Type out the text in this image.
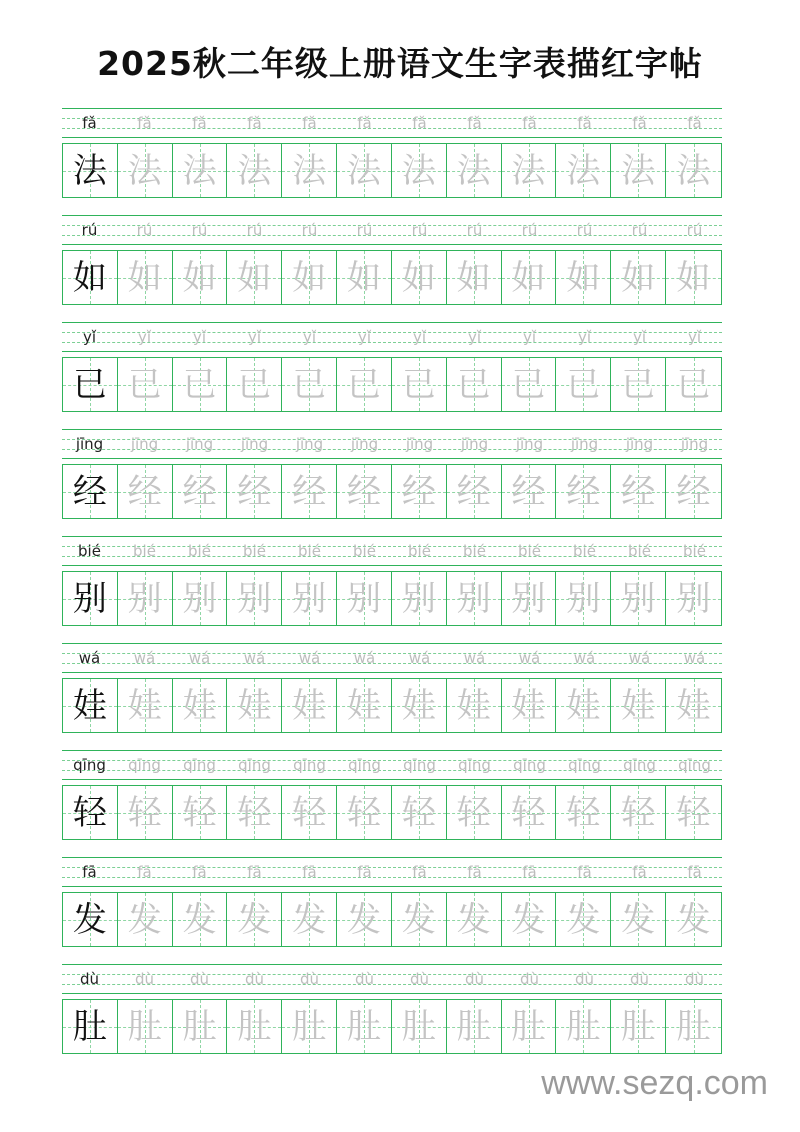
2025秋二年级上册语文生字表描红字帖
fǎ	fǎ	fǎ	fǎ	fǎ	fǎ	fǎ	fǎ	fǎ	fǎ	fǎ	fǎ
法 法 法 法 法 法 法 法 法 法 法 法
rú	rú	rú	rú	rú	rú	rú	rú	rú	rú	rú	rú
如 如 如 如 如 如 如 如 如 如 如 如
yǐ	yǐ	yǐ	yǐ	yǐ	yǐ	yǐ	yǐ	yǐ	yǐ	yǐ	yǐ
已 已 已 已 已 已 已 已 已 已 已 已
jīng	jīng	jīng	jīng	jīng	jīng	jīng	jīng	jīng	jīng	jīng	jīng
经 经 经 经 经 经 经 经 经 经 经 经
bié	bié	bié	bié	bié	bié	bié	bié	bié	bié	bié	bié
别 别 别 别 别 别 别 别 别 别 别 别
wá	wá	wá	wá	wá	wá	wá	wá	wá	wá	wá	wá
娃 娃 娃 娃 娃 娃 娃 娃 娃 娃 娃 娃
qīng	qīng	qīng	qīng	qīng	qīng	qīng	qīng	qīng	qīng	qīng	qīng
轻 轻 轻 轻 轻 轻 轻 轻 轻 轻 轻 轻
fā	fā	fā	fā	fā	fā	fā	fā	fā	fā	fā	fā
发 发 发 发 发 发 发 发 发 发 发 发
dù	dù	dù	dù	dù	dù	dù	dù	dù	dù	dù	dù
肚 肚 肚 肚 肚 肚 肚 肚 肚 肚 肚 肚
www.sezq.com
